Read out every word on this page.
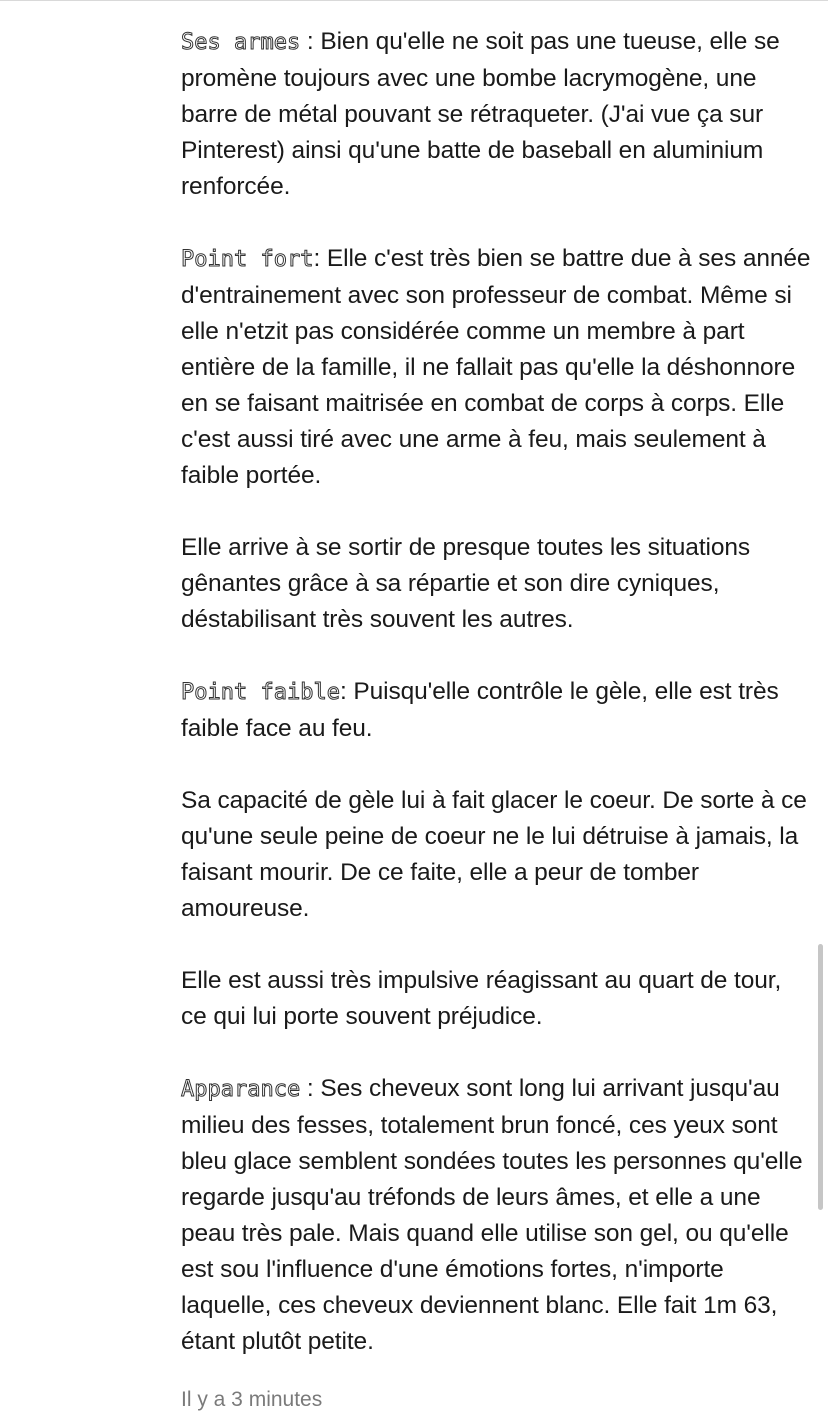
Ses armes : Bien qu'elle ne soit pas une tueuse, elle se promène toujours avec une bombe lacrymogène, une barre de métal pouvant se rétraqueter. (J'ai vue ça sur Pinterest) ainsi qu'une batte de baseball en aluminium renforcée.

Point fort: Elle c'est très bien se battre due à ses année d'entrainement avec son professeur de combat. Même si elle n'etzit pas considérée comme un membre à part entière de la famille, il ne fallait pas qu'elle la déshonnore en se faisant maitrisée en combat de corps à corps. Elle c'est aussi tiré avec une arme à feu, mais seulement à faible portée.

Elle arrive à se sortir de presque toutes les situations gênantes grâce à sa répartie et son dire cyniques, déstabilisant très souvent les autres.

Point faible: Puisqu'elle contrôle le gèle, elle est très faible face au feu.

Sa capacité de gèle lui à fait glacer le coeur. De sorte à ce qu'une seule peine de coeur ne le lui détruise à jamais, la faisant mourir. De ce faite, elle a peur de tomber amoureuse.

Elle est aussi très impulsive réagissant au quart de tour, ce qui lui porte souvent préjudice.

Apparance : Ses cheveux sont long lui arrivant jusqu'au milieu des fesses, totalement brun foncé, ces yeux sont bleu glace semblent sondées toutes les personnes qu'elle regarde jusqu'au tréfonds de leurs âmes, et elle a une peau très pale. Mais quand elle utilise son gel, ou qu'elle est sou l'influence d'une émotions fortes, n'importe laquelle, ces cheveux deviennent blanc. Elle fait 1m 63, étant plutôt petite.

Il y a 3 minutes
